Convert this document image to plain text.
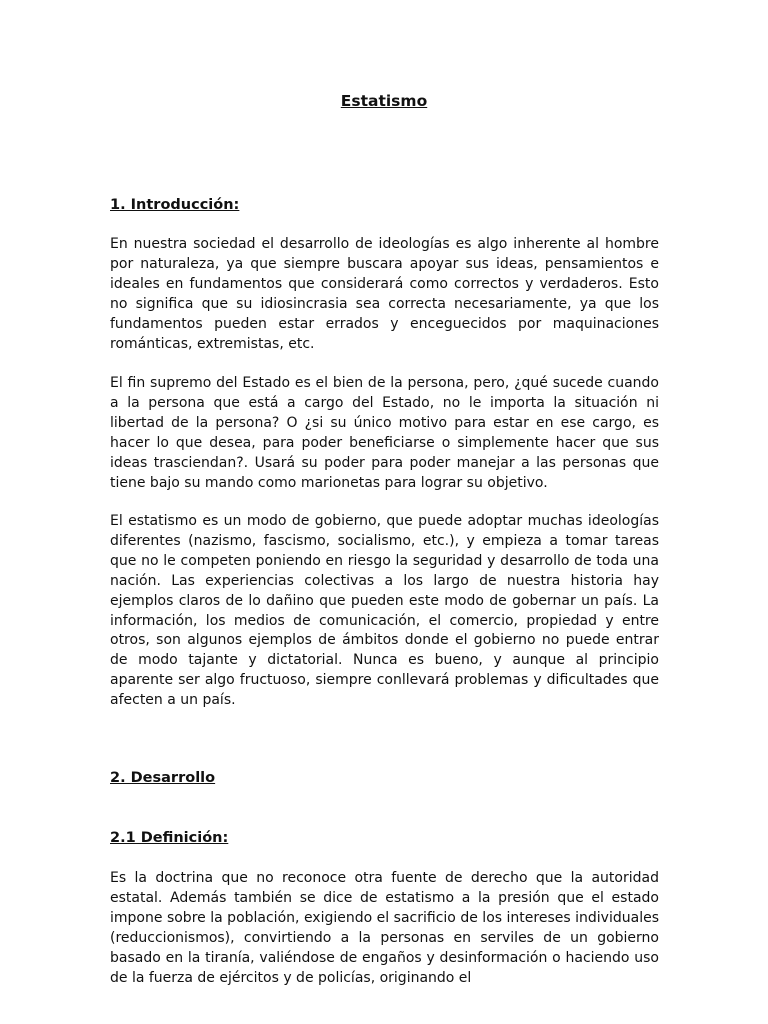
Estatismo
1. Introducción:

En nuestra sociedad el desarrollo de ideologías es algo inherente al hombre por naturaleza, ya que siempre buscara apoyar sus ideas, pensamientos e ideales en fundamentos que considerará como correctos y verdaderos. Esto no significa que su idiosincrasia sea correcta necesariamente, ya que los fundamentos pueden estar errados y enceguecidos por maquinaciones románticas, extremistas, etc.

El fin supremo del Estado es el bien de la persona, pero, ¿qué sucede cuando a la persona que está a cargo del Estado, no le importa la situación ni libertad de la persona? O ¿si su único motivo para estar en ese cargo, es hacer lo que desea, para poder beneficiarse o simplemente hacer que sus ideas trasciendan?. Usará su poder para poder manejar a las personas que tiene bajo su mando como marionetas para lograr su objetivo.

El estatismo es un modo de gobierno, que puede adoptar muchas ideologías diferentes (nazismo, fascismo, socialismo, etc.), y empieza a tomar tareas que no le competen poniendo en riesgo la seguridad y desarrollo de toda una nación. Las experiencias colectivas a los largo de nuestra historia hay ejemplos claros de lo dañino que pueden este modo de gobernar un país. La información, los medios de comunicación, el comercio, propiedad y entre otros, son algunos ejemplos de ámbitos donde el gobierno no puede entrar de modo tajante y dictatorial. Nunca es bueno, y aunque al principio aparente ser algo fructuoso, siempre conllevará problemas y dificultades que afecten a un país.

2. Desarrollo
2.1 Definición:

Es la doctrina que no reconoce otra fuente de derecho que la autoridad estatal. Además también se dice de estatismo a la presión que el estado impone sobre la población, exigiendo el sacrificio de los intereses individuales (reduccionismos), convirtiendo a la personas en serviles de un gobierno basado en la tiranía, valiéndose de engaños y desinformación o haciendo uso de la fuerza de ejércitos y de policías, originando el
